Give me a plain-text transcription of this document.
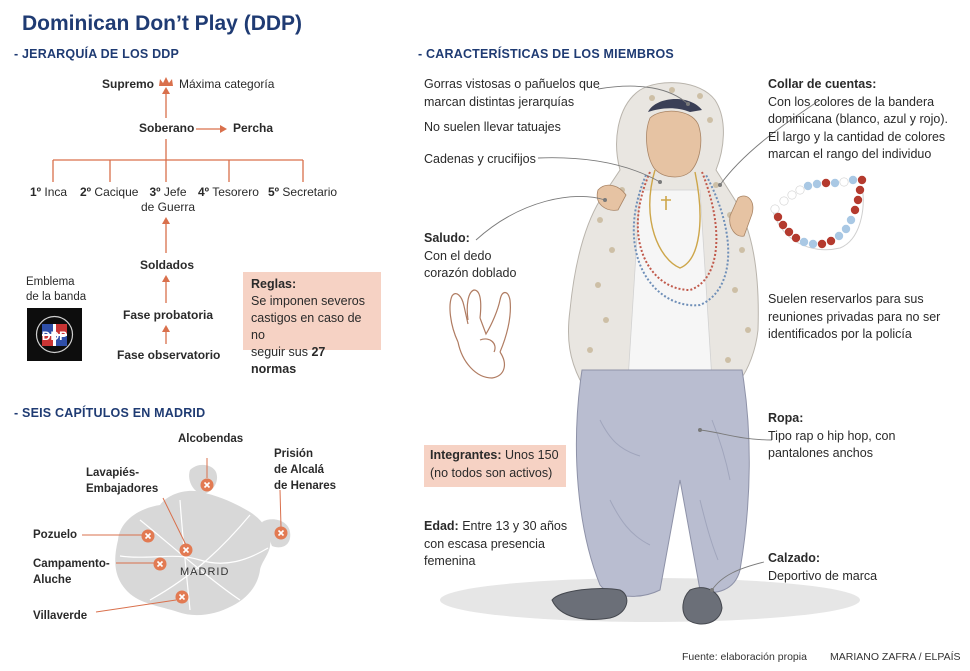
Dominican Don’t Play (DDP)
- JERARQUÍA DE LOS DDP	- CARACTERÍSTICAS DE LOS MIEMBROS
- SEIS CAPÍTULOS EN MADRID
Supremo Máxima categoría
Soberano	Percha
1º Inca 2º Cacique 3º Jefe
de Guerra
4º Tesorero 5º Secretario
Soldados
Fase probatoria
Fase observatorio
Emblema
de la banda
DDP
Reglas:
Se imponen severos
castigos en caso de no
seguir sus 27 normas
MADRID
Alcobendas
Lavapiés-
Embajadores
Prisión
de Alcalá
de Henares
Pozuelo
Campamento-
Aluche
Villaverde
Gorras vistosas o pañuelos que
marcan distintas jerarquías
No suelen llevar tatuajes
Cadenas y crucifijos
Saludo:
Con el dedo
corazón doblado
Integrantes: Unos 150
(no todos son activos)
Edad: Entre 13 y 30 años
con escasa presencia
femenina
Collar de cuentas:
Con los colores de la bandera
dominicana (blanco, azul y rojo).
El largo y la cantidad de colores
marcan el rango del individuo
Suelen reservarlos para sus
reuniones privadas para no ser
identificados por la policía
Ropa:
Tipo rap o hip hop, con
pantalones anchos
Calzado:
Deportivo de marca
Fuente: elaboración propia MARIANO ZAFRA / ELPAÍS
